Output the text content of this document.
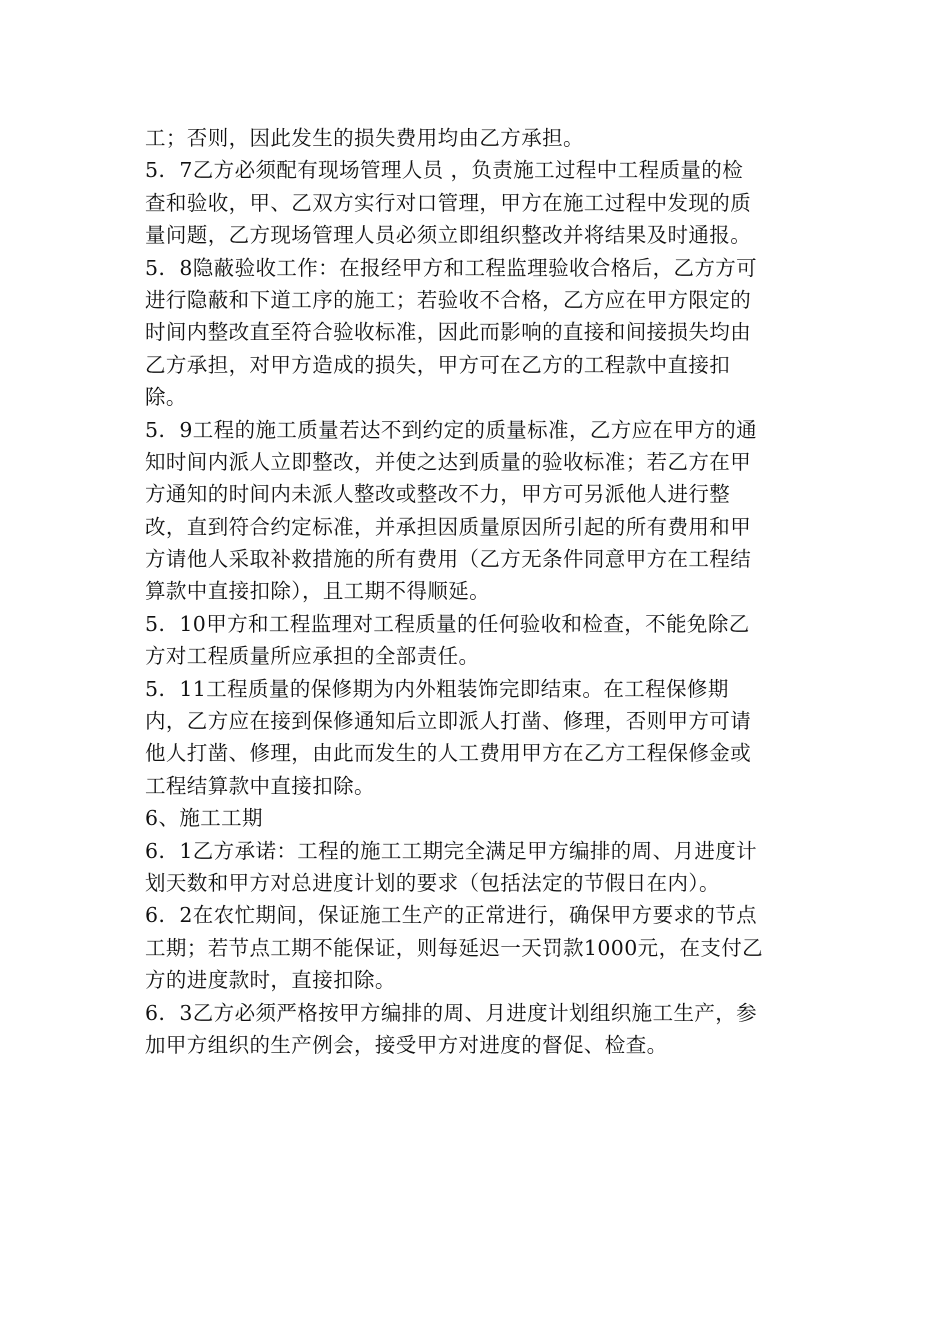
工；否则，因此发生的损失费用均由乙方承担。
5．7乙方必须配有现场管理人员 ，负责施工过程中工程质量的检
查和验收，甲、乙双方实行对口管理，甲方在施工过程中发现的质
量问题，乙方现场管理人员必须立即组织整改并将结果及时通报。
5．8隐蔽验收工作：在报经甲方和工程监理验收合格后，乙方方可
进行隐蔽和下道工序的施工；若验收不合格，乙方应在甲方限定的
时间内整改直至符合验收标准，因此而影响的直接和间接损失均由
乙方承担，对甲方造成的损失，甲方可在乙方的工程款中直接扣
除。
5．9工程的施工质量若达不到约定的质量标准，乙方应在甲方的通
知时间内派人立即整改，并使之达到质量的验收标准；若乙方在甲
方通知的时间内未派人整改或整改不力，甲方可另派他人进行整
改，直到符合约定标准，并承担因质量原因所引起的所有费用和甲
方请他人采取补救措施的所有费用（乙方无条件同意甲方在工程结
算款中直接扣除），且工期不得顺延。
5．10甲方和工程监理对工程质量的任何验收和检查，不能免除乙
方对工程质量所应承担的全部责任。
5．11工程质量的保修期为内外粗装饰完即结束。在工程保修期
内，乙方应在接到保修通知后立即派人打凿、修理，否则甲方可请
他人打凿、修理，由此而发生的人工费用甲方在乙方工程保修金或
工程结算款中直接扣除。
6、施工工期
6．1乙方承诺：工程的施工工期完全满足甲方编排的周、月进度计
划天数和甲方对总进度计划的要求（包括法定的节假日在内）。
6．2在农忙期间，保证施工生产的正常进行，确保甲方要求的节点
工期；若节点工期不能保证，则每延迟一天罚款1000元，在支付乙
方的进度款时，直接扣除。
6．3乙方必须严格按甲方编排的周、月进度计划组织施工生产，参
加甲方组织的生产例会，接受甲方对进度的督促、检查。
